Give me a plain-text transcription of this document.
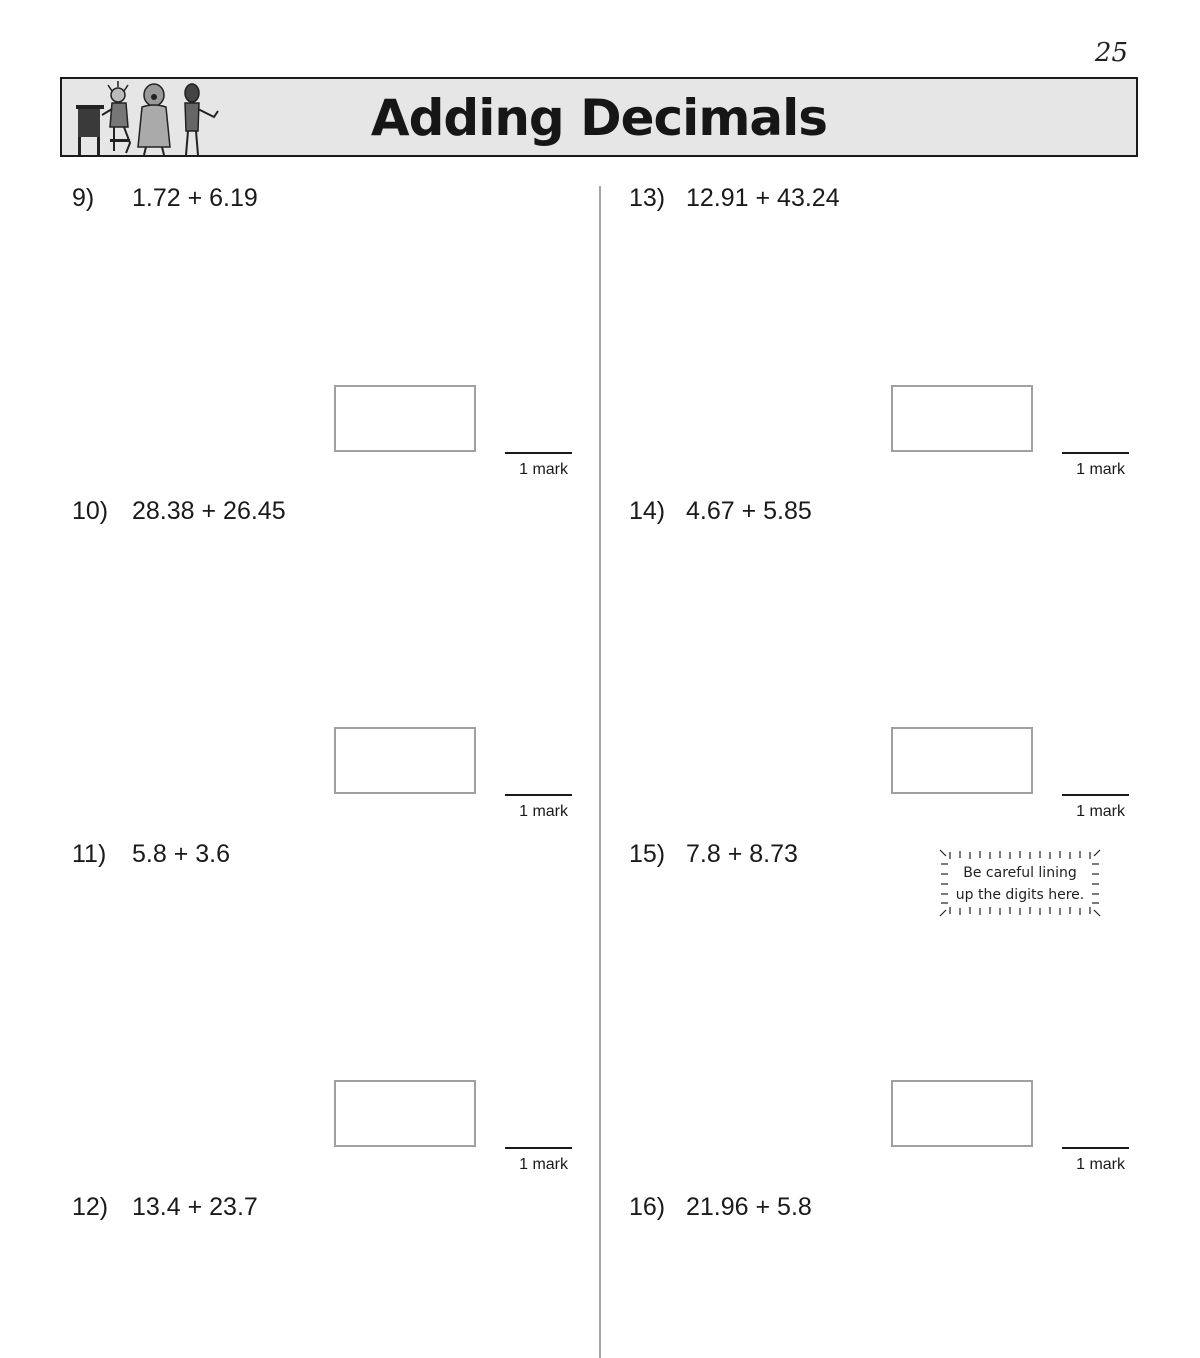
25
Adding Decimals
9) 1.72 + 6.19
1 mark
10) 28.38 + 26.45
1 mark
11) 5.8 + 3.6
1 mark
12) 13.4 + 23.7
13) 12.91 + 43.24
1 mark
14) 4.67 + 5.85
1 mark
15) 7.8 + 8.73
Be careful lining
up the digits here.
1 mark
16) 21.96 + 5.8
